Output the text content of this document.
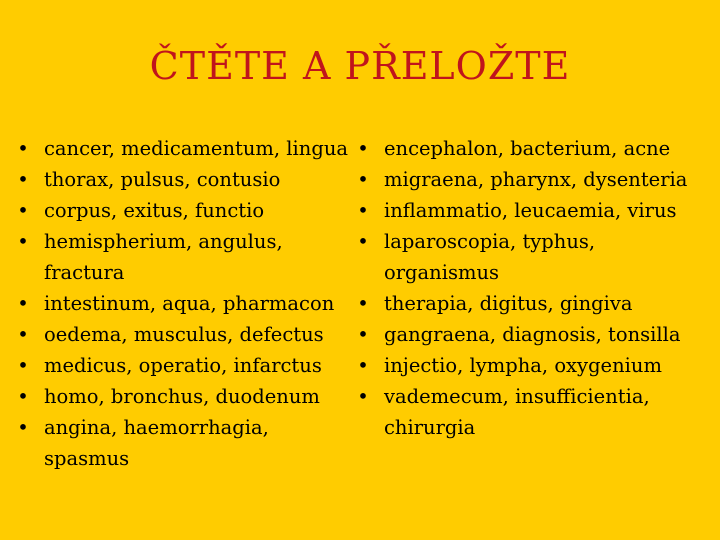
ČTĚTE A PŘELOŽTE
• cancer, medicamentum, lingua
• thorax, pulsus, contusio
• corpus, exitus, functio
• hemispherium, angulus, fractura
• intestinum, aqua, pharmacon
• oedema, musculus, defectus
• medicus, operatio, infarctus
• homo, bronchus, duodenum
• angina, haemorrhagia, spasmus
• encephalon, bacterium, acne
• migraena, pharynx, dysenteria
• inflammatio, leucaemia, virus
• laparoscopia, typhus, organismus
• therapia, digitus, gingiva
• gangraena, diagnosis, tonsilla
• injectio, lympha, oxygenium
• vademecum, insufficientia, chirurgia
